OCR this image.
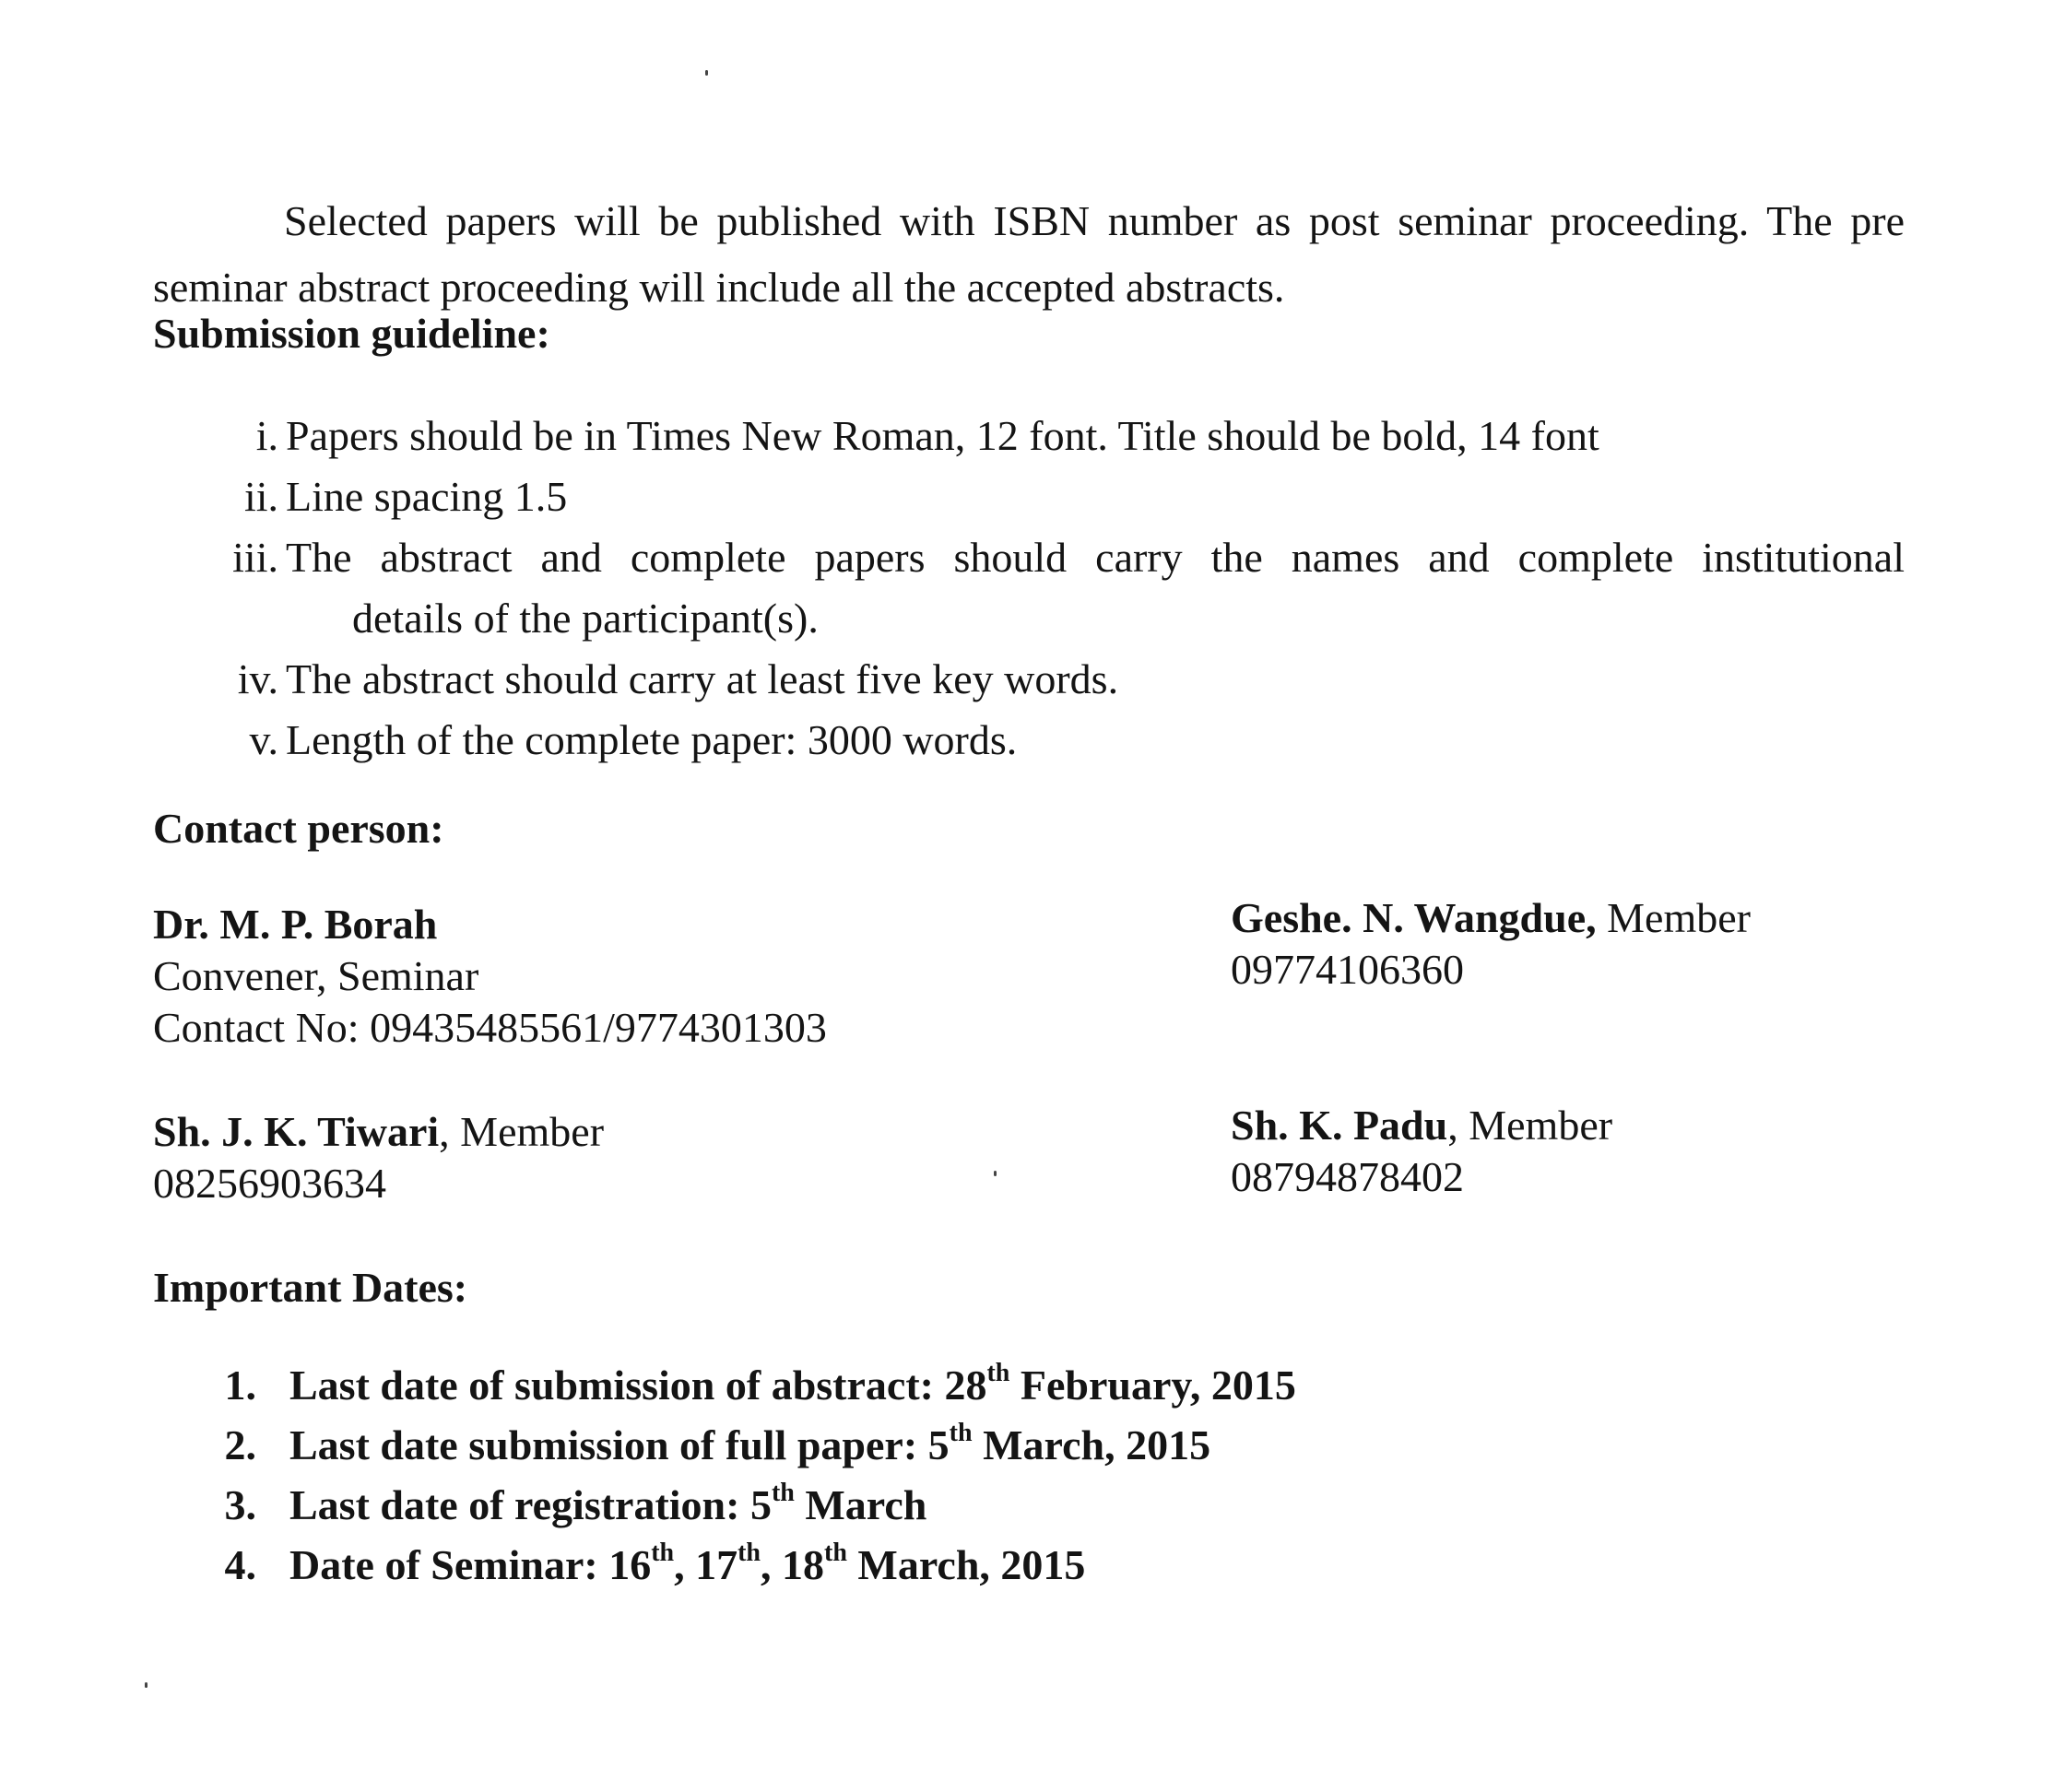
Selected papers will be published with ISBN number as post seminar proceeding. The pre seminar abstract proceeding will include all the accepted abstracts.

Submission guideline:
i. Papers should be in Times New Roman, 12 font. Title should be bold, 14 font
ii. Line spacing 1.5
iii. The abstract and complete papers should carry the names and complete institutional
details of the participant(s).
iv. The abstract should carry at least five key words.
v. Length of the complete paper: 3000 words.
Contact person:
Dr. M. P. Borah
Convener, Seminar
Contact No: 09435485561/9774301303
Geshe. N. Wangdue, Member
09774106360
Sh. J. K. Tiwari, Member
08256903634
Sh. K. Padu, Member
08794878402
Important Dates:
1. Last date of submission of abstract: 28th February, 2015
2. Last date submission of full paper: 5th March, 2015
3. Last date of registration: 5th March
4. Date of Seminar: 16th, 17th, 18th March, 2015
